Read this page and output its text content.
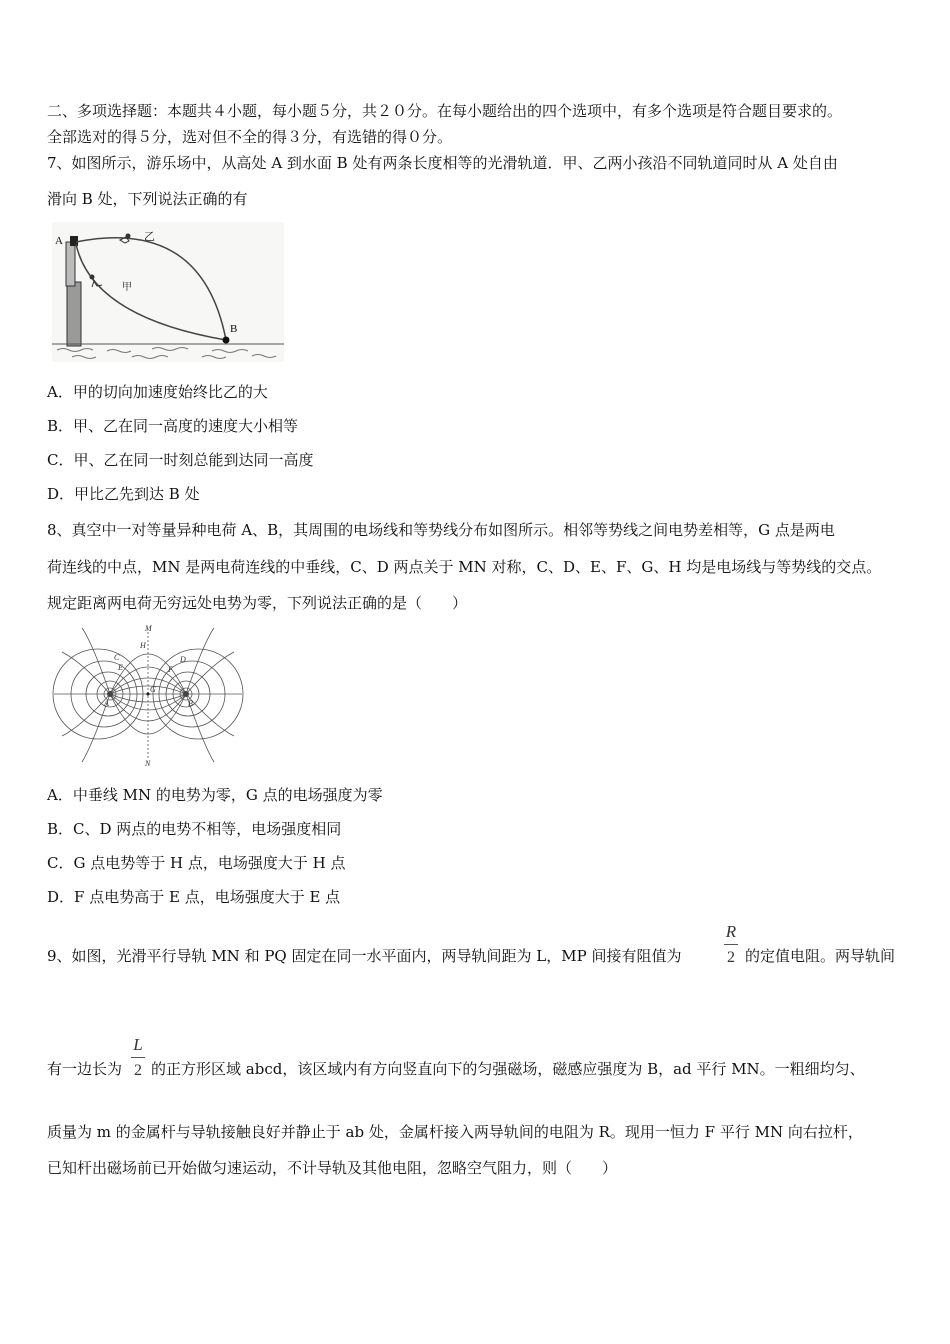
二、多项选择题：本题共４小题，每小题５分，共２０分。在每小题给出的四个选项中，有多个选项是符合题目要求的。
全部选对的得５分，选对但不全的得３分，有选错的得０分。
7、如图所示，游乐场中，从高处 A 到水面 B 处有两条长度相等的光滑轨道．甲、乙两小孩沿不同轨道同时从 A 处自由
滑向 B 处，下列说法正确的有
A	乙
甲
B
A．甲的切向加速度始终比乙的大
B．甲、乙在同一高度的速度大小相等
C．甲、乙在同一时刻总能到达同一高度
D．甲比乙先到达 B 处
8、真空中一对等量异种电荷 A、B，其周围的电场线和等势线分布如图所示。相邻等势线之间电势差相等，G 点是两电
荷连线的中点，MN 是两电荷连线的中垂线，C、D 两点关于 MN 对称，C、D、E、F、G、H 均是电场线与等势线的交点。
规定距离两电荷无穷远处电势为零，下列说法正确的是（　　）
M
N
H
C	D
E	F
G
A	B
A．中垂线 MN 的电势为零，G 点的电场强度为零
B．C、D 两点的电势不相等，电场强度相同
C．G 点电势等于 H 点，电场强度大于 H 点
D．F 点电势高于 E 点，电场强度大于 E 点
9、如图，光滑平行导轨 MN 和 PQ 固定在同一水平面内，两导轨间距为 L，MP 间接有阻值为
R
2 的定值电阻。两导轨间
有一边长为
L
2 的正方形区域 abcd，该区域内有方向竖直向下的匀强磁场，磁感应强度为 B，ad 平行 MN。一粗细均匀、
质量为 m 的金属杆与导轨接触良好并静止于 ab 处，金属杆接入两导轨间的电阻为 R。现用一恒力 F 平行 MN 向右拉杆，
已知杆出磁场前已开始做匀速运动，不计导轨及其他电阻，忽略空气阻力，则（　　）
